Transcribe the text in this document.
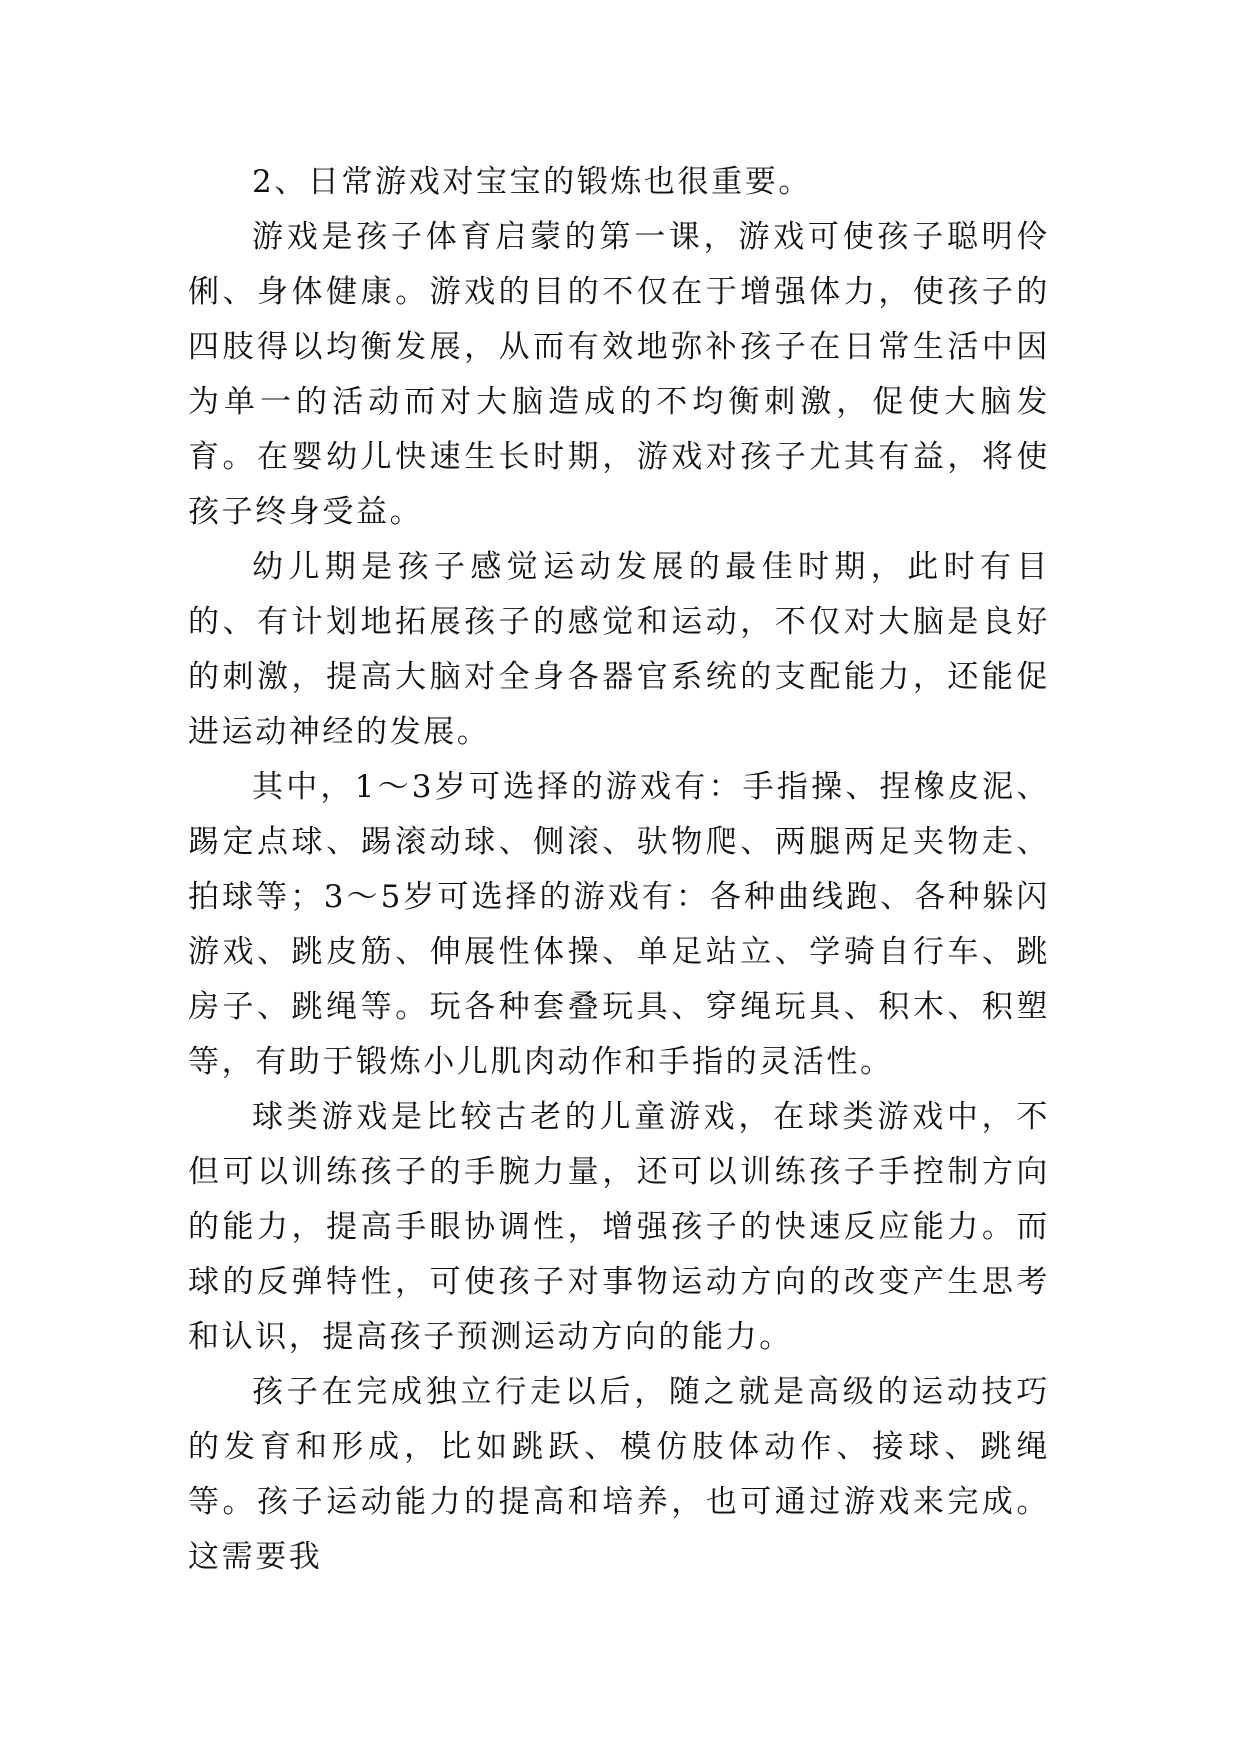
2、日常游戏对宝宝的锻炼也很重要。

游戏是孩子体育启蒙的第一课，游戏可使孩子聪明伶俐、身体健康。游戏的目的不仅在于增强体力，使孩子的四肢得以均衡发展，从而有效地弥补孩子在日常生活中因为单一的活动而对大脑造成的不均衡刺激，促使大脑发育。在婴幼儿快速生长时期，游戏对孩子尤其有益，将使孩子终身受益。

幼儿期是孩子感觉运动发展的最佳时期，此时有目的、有计划地拓展孩子的感觉和运动，不仅对大脑是良好的刺激，提高大脑对全身各器官系统的支配能力，还能促进运动神经的发展。

其中，1～3岁可选择的游戏有：手指操、捏橡皮泥、踢定点球、踢滚动球、侧滚、驮物爬、两腿两足夹物走、拍球等；3～5岁可选择的游戏有：各种曲线跑、各种躲闪游戏、跳皮筋、伸展性体操、单足站立、学骑自行车、跳房子、跳绳等。玩各种套叠玩具、穿绳玩具、积木、积塑等，有助于锻炼小儿肌肉动作和手指的灵活性。

球类游戏是比较古老的儿童游戏，在球类游戏中，不但可以训练孩子的手腕力量，还可以训练孩子手控制方向的能力，提高手眼协调性，增强孩子的快速反应能力。而球的反弹特性，可使孩子对事物运动方向的改变产生思考和认识，提高孩子预测运动方向的能力。

孩子在完成独立行走以后，随之就是高级的运动技巧的发育和形成，比如跳跃、模仿肢体动作、接球、跳绳等。孩子运动能力的提高和培养，也可通过游戏来完成。这需要我
